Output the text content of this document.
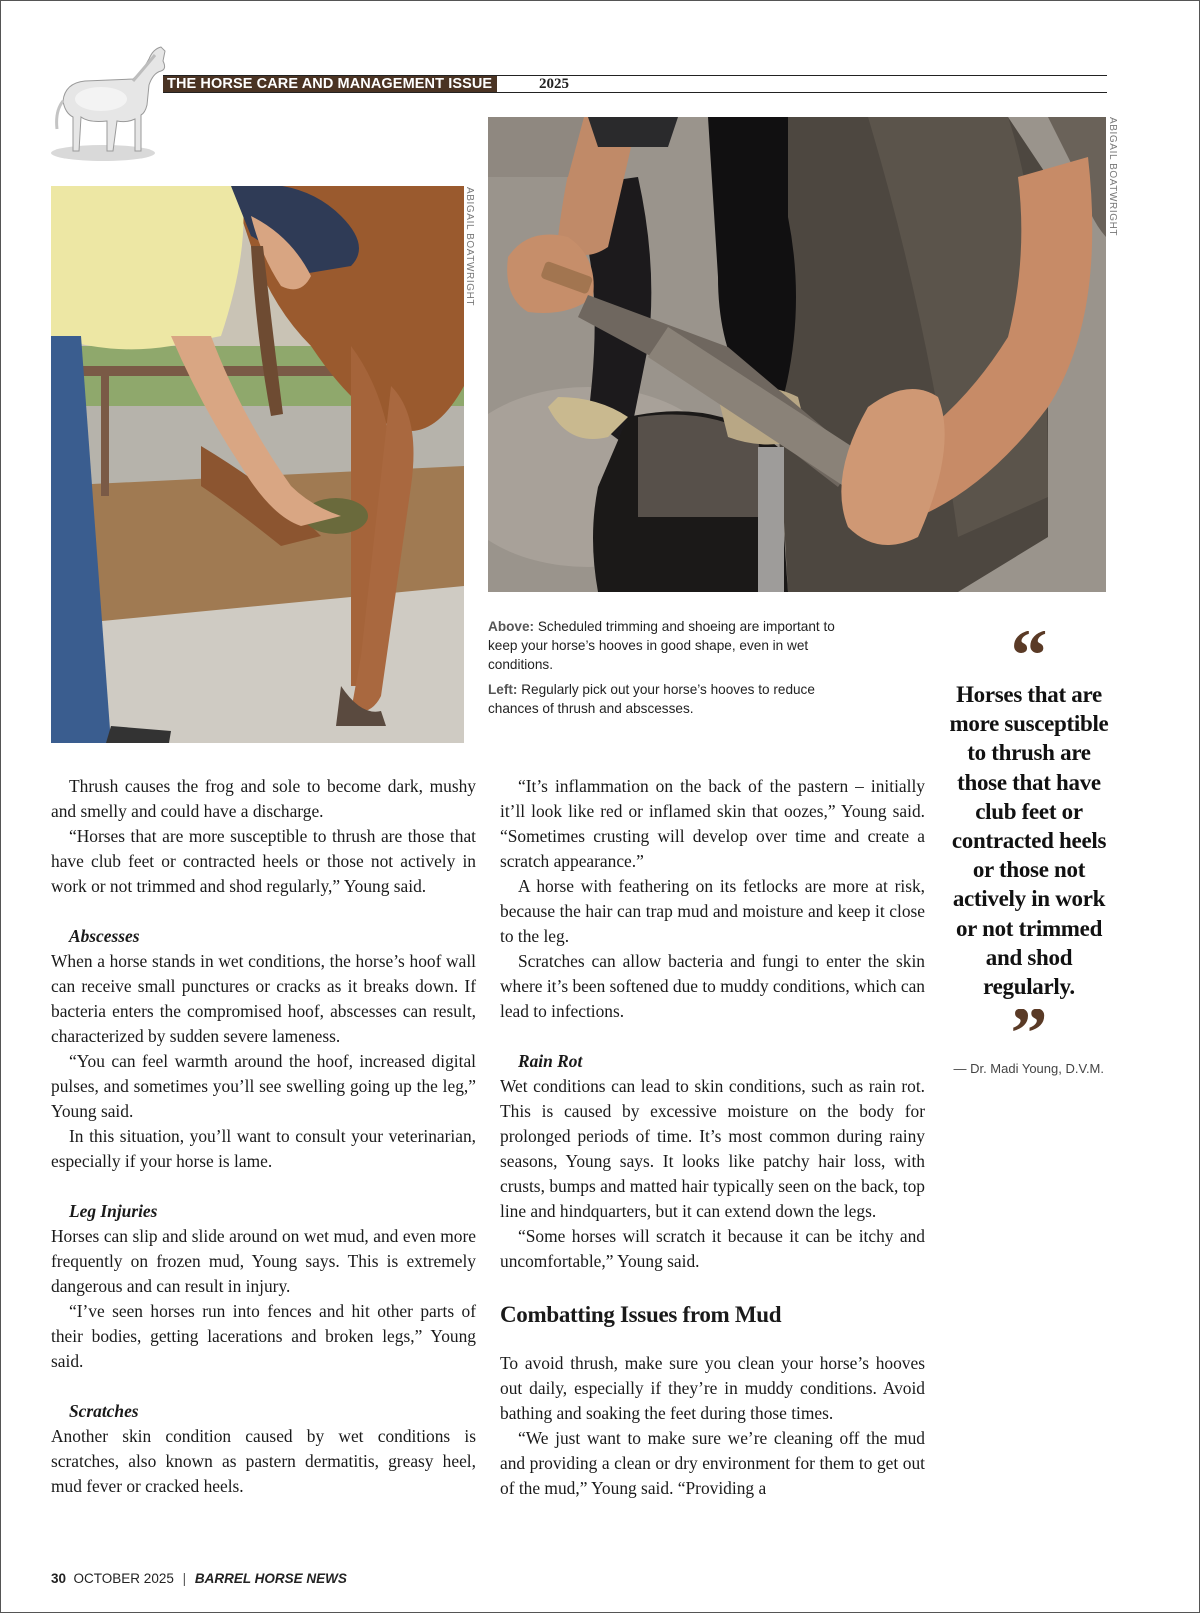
THE HORSE CARE AND MANAGEMENT ISSUE	2025
ABIGAIL BOATWRIGHT
ABIGAIL BOATWRIGHT

Above: Scheduled trimming and shoeing are important to keep your horse’s hooves in good shape, even in wet conditions.

Left: Regularly pick out your horse’s hooves to reduce chances of thrush and abscesses.

“
Horses that are more susceptible to thrush are those that have club feet or contracted heels or those not actively in work or not trimmed and shod regularly.
”
— Dr. Madi Young, D.V.M.

Thrush causes the frog and sole to become dark, mushy and smelly and could have a discharge.

“Horses that are more susceptible to thrush are those that have club feet or contracted heels or those not actively in work or not trimmed and shod regularly,” Young said.

Abscesses

When a horse stands in wet conditions, the horse’s hoof wall can receive small punctures or cracks as it breaks down. If bacteria enters the compromised hoof, abscesses can result, characterized by sudden severe lameness.

“You can feel warmth around the hoof, increased digital pulses, and sometimes you’ll see swelling going up the leg,” Young said.

In this situation, you’ll want to consult your veterinarian, especially if your horse is lame.

Leg Injuries

Horses can slip and slide around on wet mud, and even more frequently on frozen mud, Young says. This is extremely dangerous and can result in injury.

“I’ve seen horses run into fences and hit other parts of their bodies, getting lacerations and broken legs,” Young said.

Scratches

Another skin condition caused by wet conditions is scratches, also known as pastern dermatitis, greasy heel, mud fever or cracked heels.

“It’s inflammation on the back of the pastern – initially it’ll look like red or inflamed skin that oozes,” Young said. “Sometimes crusting will develop over time and create a scratch appearance.”

A horse with feathering on its fetlocks are more at risk, because the hair can trap mud and moisture and keep it close to the leg.

Scratches can allow bacteria and fungi to enter the skin where it’s been softened due to muddy conditions, which can lead to infections.

Rain Rot

Wet conditions can lead to skin conditions, such as rain rot. This is caused by excessive moisture on the body for prolonged periods of time. It’s most common during rainy seasons, Young says. It looks like patchy hair loss, with crusts, bumps and matted hair typically seen on the back, top line and hindquarters, but it can extend down the legs.

“Some horses will scratch it because it can be itchy and uncomfortable,” Young said.

Combatting Issues from Mud

To avoid thrush, make sure you clean your horse’s hooves out daily, especially if they’re in muddy conditions. Avoid bathing and soaking the feet during those times.

“We just want to make sure we’re cleaning off the mud and providing a clean or dry environment for them to get out of the mud,” Young said. “Providing a

30 OCTOBER 2025 | BARREL HORSE NEWS
